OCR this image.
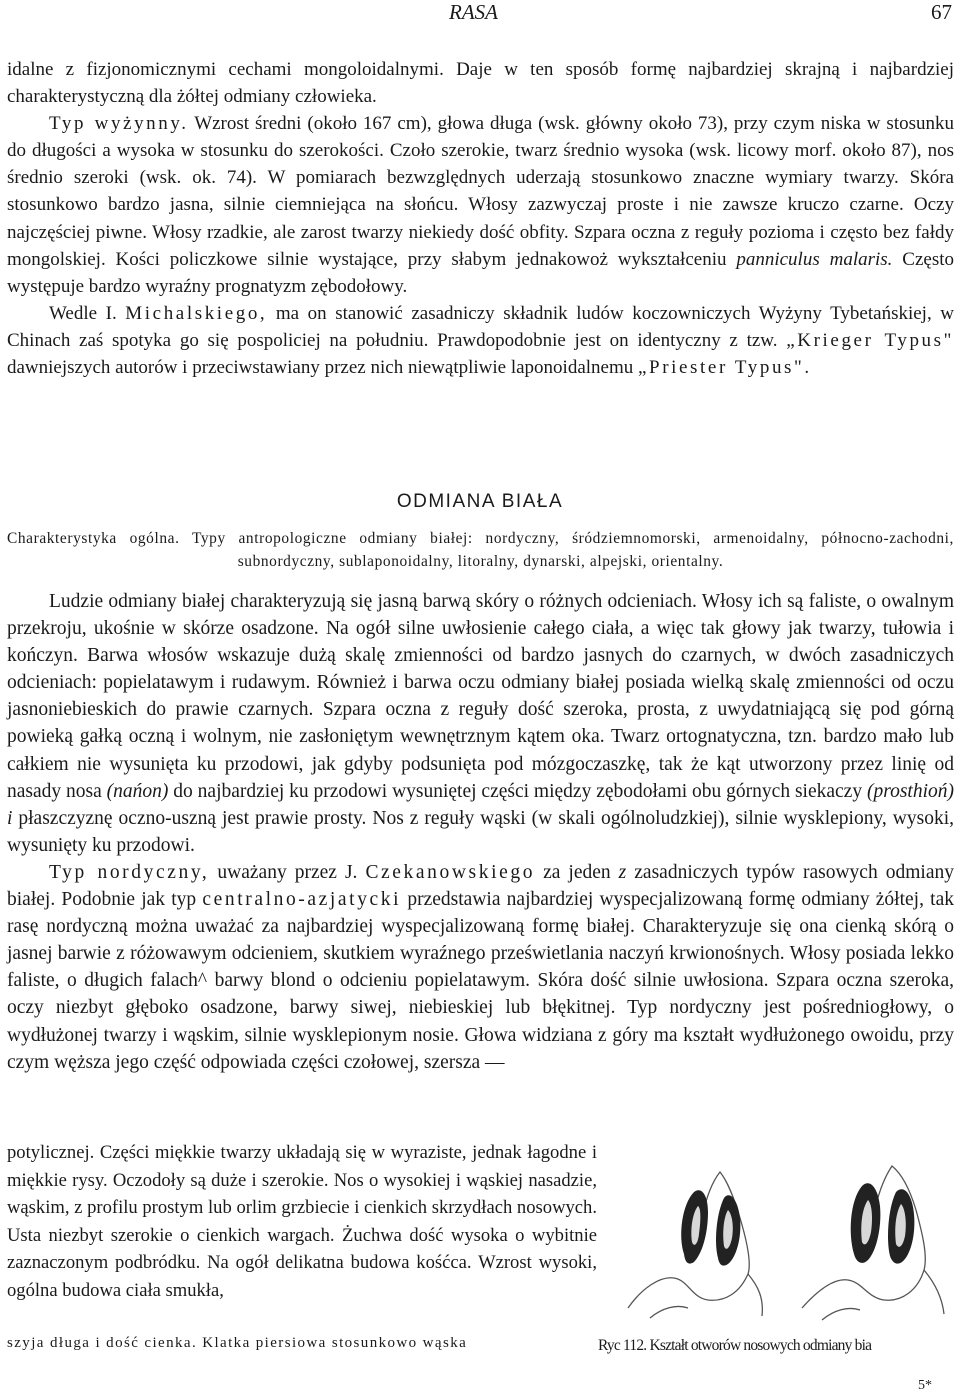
RASA	67

idalne z fizjonomicznymi cechami mongoloidalnymi. Daje w ten sposób formę najbardziej skrajną i najbardziej charakterystyczną dla żółtej odmiany człowieka.

Typ wyżynny. Wzrost średni (około 167 cm), głowa długa (wsk. główny około 73), przy czym niska w stosunku do długości a wysoka w stosunku do szerokości. Czoło szerokie, twarz średnio wysoka (wsk. licowy morf. około 87), nos średnio szeroki (wsk. ok. 74). W pomiarach bezwzględnych uderzają stosunkowo znaczne wymiary twarzy. Skóra stosunkowo bardzo jasna, silnie ciemniejąca na słońcu. Włosy zazwyczaj proste i nie zawsze kruczo czarne. Oczy najczęściej piwne. Włosy rzadkie, ale zarost twarzy niekiedy dość obfity. Szpara oczna z reguły pozioma i często bez fałdy mongolskiej. Kości policzkowe silnie wystające, przy słabym jednakowoż wykształceniu panniculus malaris. Często występuje bardzo wyraźny prognatyzm zębodołowy.

Wedle I. Michalskiego, ma on stanowić zasadniczy składnik ludów koczowniczych Wyżyny Tybetańskiej, w Chinach zaś spotyka go się pospoliciej na południu. Prawdopodobnie jest on identyczny z tzw. „Krieger Typus" dawniejszych autorów i przeciwstawiany przez nich niewątpliwie laponoidalnemu „Priester Typus".

ODMIANA BIAŁA

Charakterystyka ogólna. Typy antropologiczne odmiany białej: nordyczny, śródziemnomorski, armenoidalny, północno-zachodni, subnordyczny, sublaponoidalny, litoralny, dynarski, alpejski, orientalny.

Ludzie odmiany białej charakteryzują się jasną barwą skóry o różnych odcieniach. Włosy ich są faliste, o owalnym przekroju, ukośnie w skórze osadzone. Na ogół silne uwłosienie całego ciała, a więc tak głowy jak twarzy, tułowia i kończyn. Barwa włosów wskazuje dużą skalę zmienności od bardzo jasnych do czarnych, w dwóch zasadniczych odcieniach: popielatawym i rudawym. Również i barwa oczu odmiany białej posiada wielką skalę zmienności od oczu jasnoniebieskich do prawie czarnych. Szpara oczna z reguły dość szeroka, prosta, z uwydatniającą się pod górną powieką gałką oczną i wolnym, nie zasłoniętym wewnętrznym kątem oka. Twarz ortognatyczna, tzn. bardzo mało lub całkiem nie wysunięta ku przodowi, jak gdyby podsunięta pod mózgoczaszkę, tak że kąt utworzony przez linię od nasady nosa (nańon) do najbardziej ku przodowi wysuniętej części między zębodołami obu górnych siekaczy (prosthioń) i płaszczyznę oczno-uszną jest prawie prosty. Nos z reguły wąski (w skali ogólnoludzkiej), silnie wysklepiony, wysoki, wysunięty ku przodowi.

Typ nordyczny, uważany przez J. Czekanowskiego za jeden z zasadniczych typów rasowych odmiany białej. Podobnie jak typ centralno-azjatycki przedstawia najbardziej wyspecjalizowaną formę odmiany żółtej, tak rasę nordyczną można uważać za najbardziej wyspecjalizowaną formę białej. Charakteryzuje się ona cienką skórą o jasnej barwie z różowawym odcieniem, skutkiem wyraźnego prześwietlania naczyń krwionośnych. Włosy posiada lekko faliste, o długich falach^ barwy blond o odcieniu popielatawym. Skóra dość silnie uwłosiona. Szpara oczna szeroka, oczy niezbyt głęboko osadzone, barwy siwej, niebieskiej lub błękitnej. Typ nordyczny jest pośredniogłowy, o wydłużonej twarzy i wąskim, silnie wysklepionym nosie. Głowa widziana z góry ma kształt wydłużonego owoidu, przy czym węższa jego część odpowiada części czołowej, szersza —

potylicznej. Części miękkie twarzy układają się w wyraziste, jednak łagodne i miękkie rysy. Oczodoły są duże i szerokie. Nos o wysokiej i wąskiej nasadzie, wąskim, z profilu prostym lub orlim grzbiecie i cienkich skrzydłach nosowych. Usta niezbyt szerokie o cienkich wargach. Żuchwa dość wysoka o wybitnie zaznaczonym podbródku. Na ogół delikatna budowa kośćca. Wzrost wysoki, ogólna budowa ciała smukła,

szyja długa i dość cienka. Klatka piersiowa stosunkowo wąska	Ryc 112. Kształt otworów nosowych odmiany bia

5*
